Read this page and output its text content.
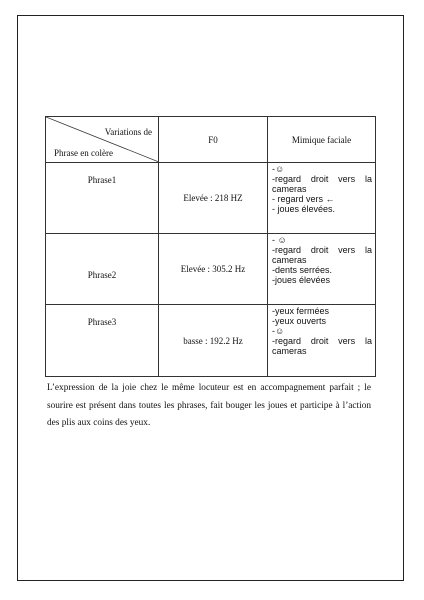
Variations de
Phrase en colère	F0	Mimique faciale
Phrase1	Elevée : 218 HZ	-☺
-regard droit vers la
cameras
- regard vers ←
- joues élevées.

Phrase2	Elevée : 305.2 Hz	- ☺
-regard droit vers la
cameras
-dents serrées.
-joues élevées

Phrase3	basse : 192.2 Hz	-yeux fermées
-yeux ouverts
-☺
-regard droit vers la
cameras

L’expression de la joie chez le même locuteur est en accompagnement parfait ; le sourire est présent dans toutes les phrases, fait bouger les joues et participe à l’action des plis aux coins des yeux.
